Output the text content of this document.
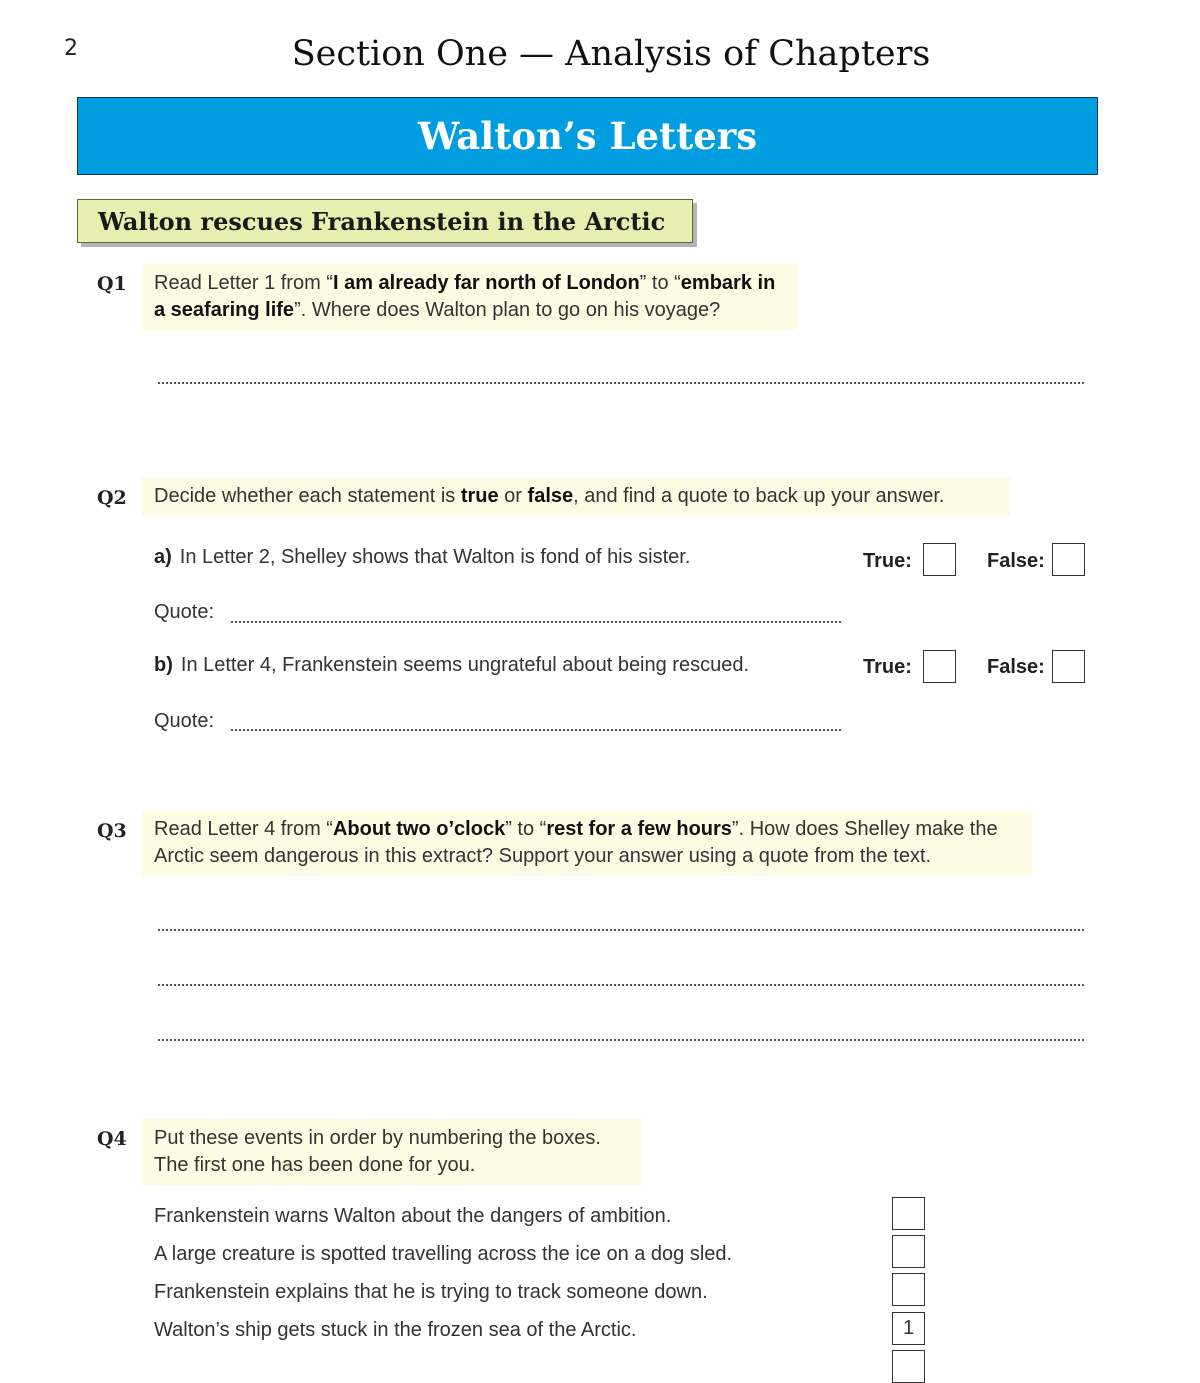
2	Section One — Analysis of Chapters
Walton’s Letters
Walton rescues Frankenstein in the Arctic
Q1	Read Letter 1 from “I am already far north of London” to “embark in a seafaring life”. Where does Walton plan to go on his voyage?
Q2	Decide whether each statement is true or false, and find a quote to back up your answer.
a) In Letter 2, Shelley shows that Walton is fond of his sister.	True:	False:
Quote:
b) In Letter 4, Frankenstein seems ungrateful about being rescued.	True:	False:
Quote:
Q3	Read Letter 4 from “About two o’clock” to “rest for a few hours”. How does Shelley make the Arctic seem dangerous in this extract? Support your answer using a quote from the text.
Q4 Put these events in order by numbering the boxes.
The first one has been done for you.
Frankenstein warns Walton about the dangers of ambition.
A large creature is spotted travelling across the ice on a dog sled.
Frankenstein explains that he is trying to track someone down.
Walton’s ship gets stuck in the frozen sea of the Arctic.	1
